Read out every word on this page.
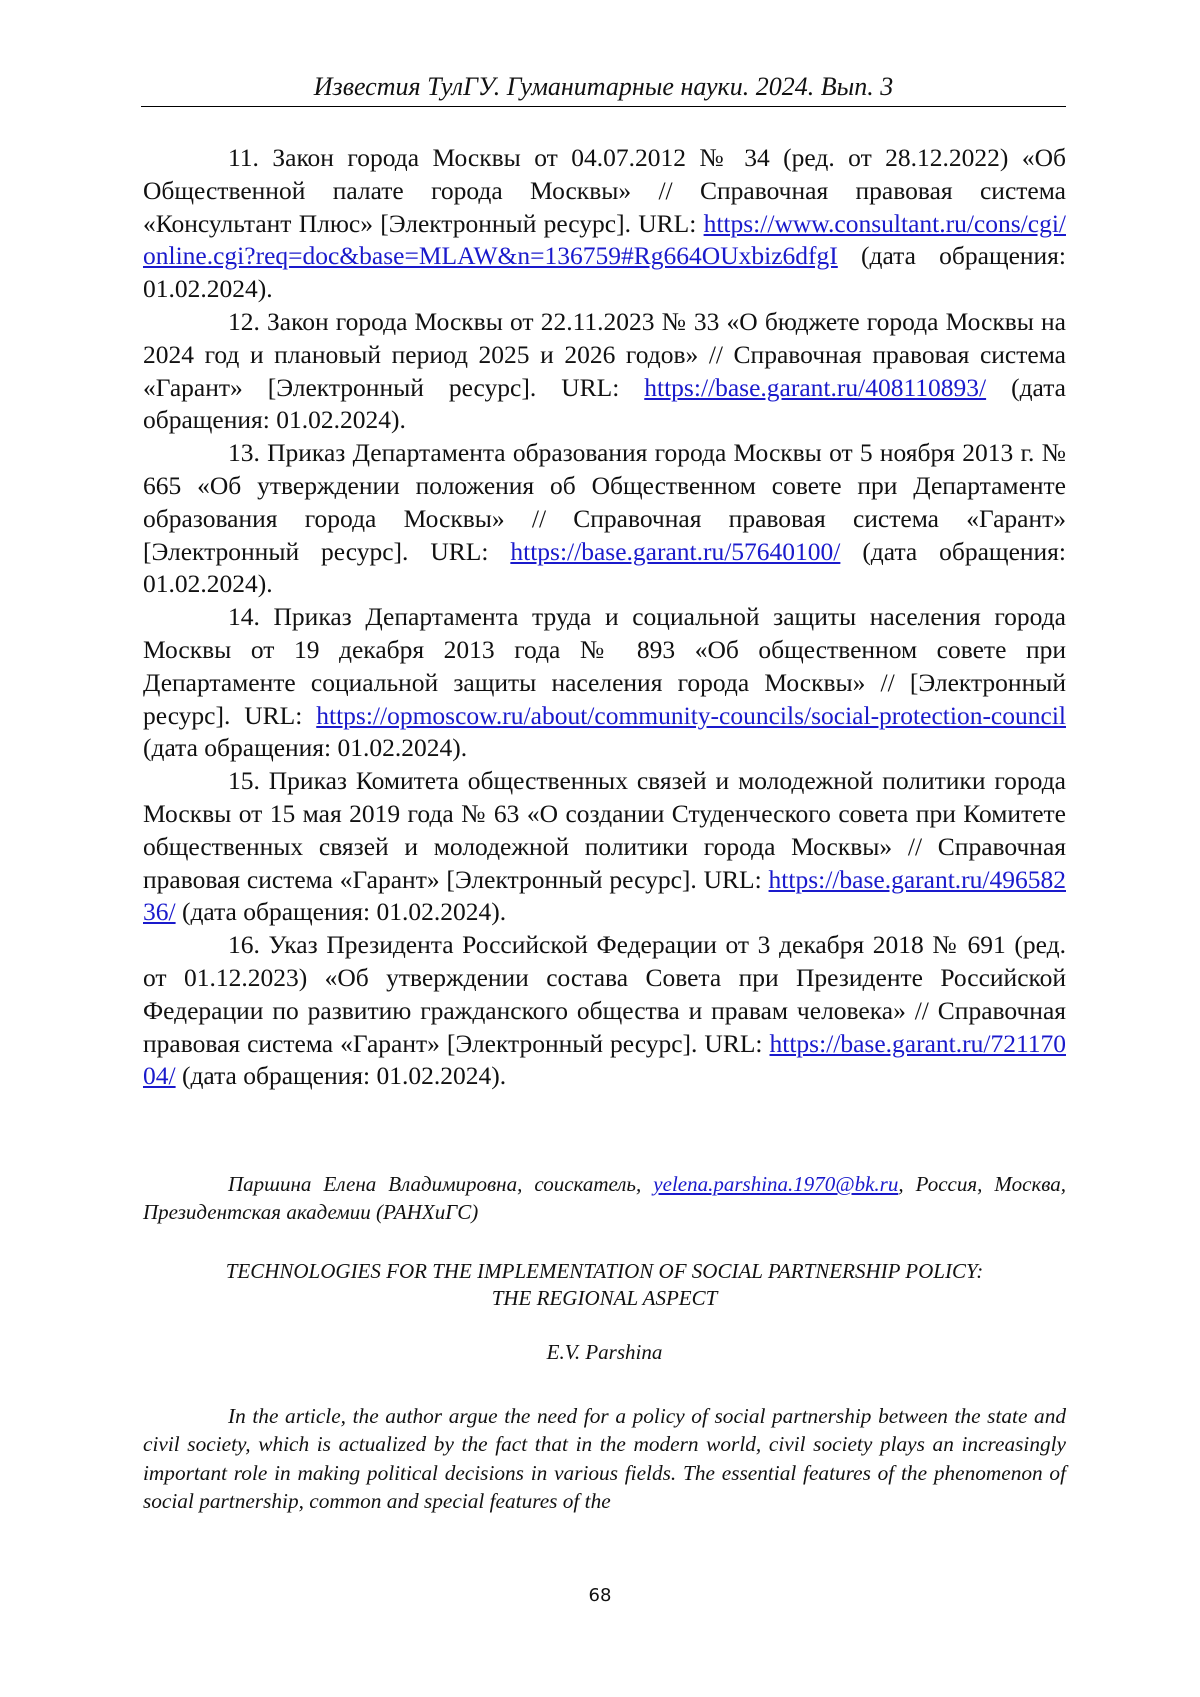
Известия ТулГУ. Гуманитарные науки. 2024. Вып. 3

11. Закон города Москвы от 04.07.2012 № 34 (ред. от 28.12.2022) «Об Общественной палате города Москвы» // Справочная правовая система «Консультант Плюс» [Электронный ресурс]. URL: https://www.consultant.ru/cons/cgi/online.cgi?req=doc&base=MLAW&n=136759#Rg664OUxbiz6dfgI (дата обращения: 01.02.2024).

12. Закон города Москвы от 22.11.2023 № 33 «О бюджете города Москвы на 2024 год и плановый период 2025 и 2026 годов» // Справочная правовая система «Гарант» [Электронный ресурс]. URL: https://base.garant.ru/408110893/ (дата обращения: 01.02.2024).

13. Приказ Департамента образования города Москвы от 5 ноября 2013 г. № 665 «Об утверждении положения об Общественном совете при Департаменте образования города Москвы» // Справочная правовая система «Гарант» [Электронный ресурс]. URL: https://base.garant.ru/57640100/ (дата обращения: 01.02.2024).

14. Приказ Департамента труда и социальной защиты населения города Москвы от 19 декабря 2013 года № 893 «Об общественном совете при Департаменте социальной защиты населения города Москвы» // [Электронный ресурс]. URL: https://opmoscow.ru/about/community-councils/social-protection-council (дата обращения: 01.02.2024).

15. Приказ Комитета общественных связей и молодежной политики города Москвы от 15 мая 2019 года № 63 «О создании Студенческого совета при Комитете общественных связей и молодежной политики города Москвы» // Справочная правовая система «Гарант» [Электронный ресурс]. URL: https://base.garant.ru/49658236/ (дата обращения: 01.02.2024).

16. Указ Президента Российской Федерации от 3 декабря 2018 № 691 (ред. от 01.12.2023) «Об утверждении состава Совета при Президенте Российской Федерации по развитию гражданского общества и правам человека» // Справочная правовая система «Гарант» [Электронный ресурс]. URL: https://base.garant.ru/72117004/ (дата обращения: 01.02.2024).

Паршина Елена Владимировна, соискатель, yelena.parshina.1970@bk.ru, Россия, Москва, Президентская академии (РАНХиГС)

TECHNOLOGIES FOR THE IMPLEMENTATION OF SOCIAL PARTNERSHIP POLICY:
THE REGIONAL ASPECT
E.V. Parshina

In the article, the author argue the need for a policy of social partnership between the state and civil society, which is actualized by the fact that in the modern world, civil society plays an increasingly important role in making political decisions in various fields. The essential features of the phenomenon of social partnership, common and special features of the

68
